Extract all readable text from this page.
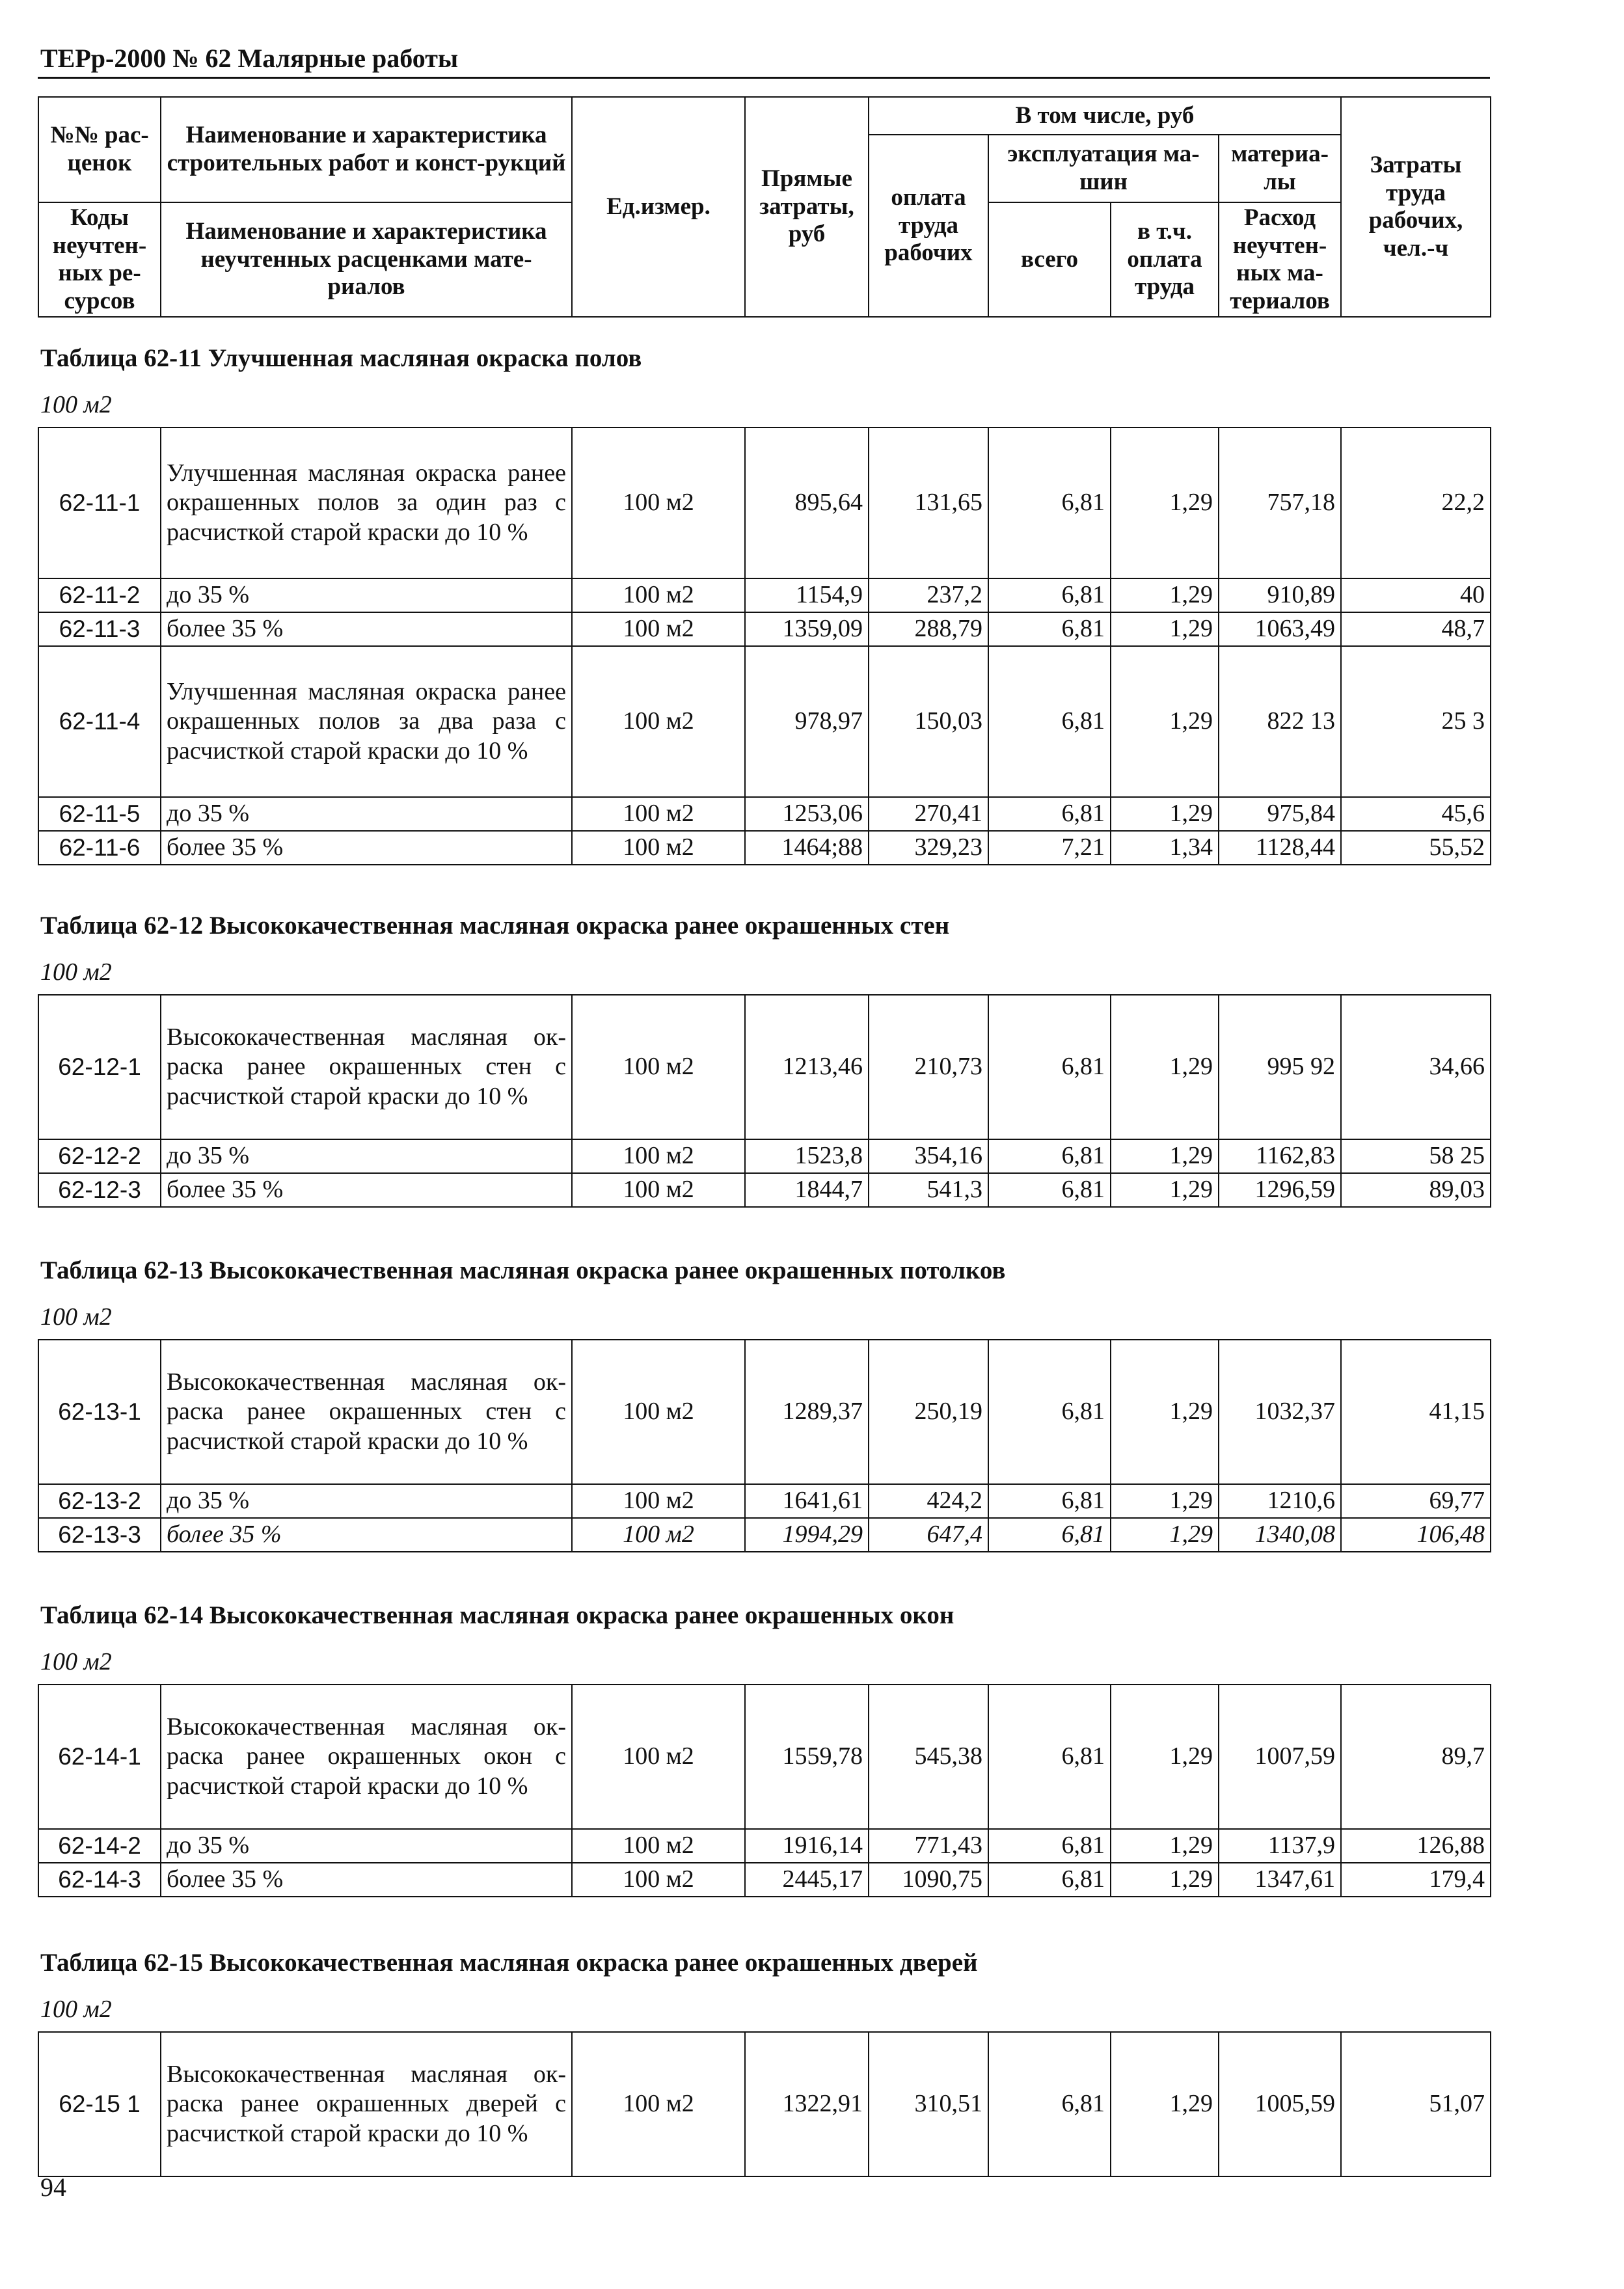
ТЕРр-2000 № 62 Малярные работы
№№ рас-ценок	Наименование и характеристика строительных работ и конст-рукций	Ед.измер.	Прямые затраты, руб	В том числе, руб				Затраты труда рабочих, чел.-ч
				оплата труда рабочих	эксплуатация ма-шин		материа-лы	

Коды неучтен-ных ре-сурсов	Наименование и характеристика неучтенных расценками мате-риалов				всего	в т.ч. оплата труда	Расход неучтен-ных ма-териалов	

Таблица 62-11 Улучшенная масляная окраска полов
100 м2
62-11-1	Улучшенная масляная окраска ранее окрашенных полов за один раз с расчисткой старой краски до 10 %	100 м2	895,64	131,65	6,81	1,29	757,18	22,2
62-11-2	до 35 %	100 м2	1154,9	237,2	6,81	1,29	910,89	40
62-11-3	более 35 %	100 м2	1359,09	288,79	6,81	1,29	1063,49	48,7
62-11-4	Улучшенная масляная окраска ранее окрашенных полов за два раза с расчисткой старой краски до 10 %	100 м2	978,97	150,03	6,81	1,29	822 13	25 3
62-11-5	до 35 %	100 м2	1253,06	270,41	6,81	1,29	975,84	45,6
62-11-6	более 35 %	100 м2	1464;88	329,23	7,21	1,34	1128,44	55,52
Таблица 62-12 Высококачественная масляная окраска ранее окрашенных стен
100 м2
62-12-1	Высококачественная масляная ок-раска ранее окрашенных стен с расчисткой старой краски до 10 %	100 м2	1213,46	210,73	6,81	1,29	995 92	34,66
62-12-2	до 35 %	100 м2	1523,8	354,16	6,81	1,29	1162,83	58 25
62-12-3	более 35 %	100 м2	1844,7	541,3	6,81	1,29	1296,59	89,03
Таблица 62-13 Высококачественная масляная окраска ранее окрашенных потолков
100 м2
62-13-1	Высококачественная масляная ок-раска ранее окрашенных стен с расчисткой старой краски до 10 %	100 м2	1289,37	250,19	6,81	1,29	1032,37	41,15
62-13-2	до 35 %	100 м2	1641,61	424,2	6,81	1,29	1210,6	69,77
62-13-3	более 35 %	100 м2	1994,29	647,4	6,81	1,29	1340,08	106,48
Таблица 62-14 Высококачественная масляная окраска ранее окрашенных окон
100 м2
62-14-1	Высококачественная масляная ок-раска ранее окрашенных окон с расчисткой старой краски до 10 %	100 м2	1559,78	545,38	6,81	1,29	1007,59	89,7
62-14-2	до 35 %	100 м2	1916,14	771,43	6,81	1,29	1137,9	126,88
62-14-3	более 35 %	100 м2	2445,17	1090,75	6,81	1,29	1347,61	179,4
Таблица 62-15 Высококачественная масляная окраска ранее окрашенных дверей
100 м2
62-15 1	Высококачественная масляная ок-раска ранее окрашенных дверей с расчисткой старой краски до 10 %	100 м2	1322,91	310,51	6,81	1,29	1005,59	51,07
94
